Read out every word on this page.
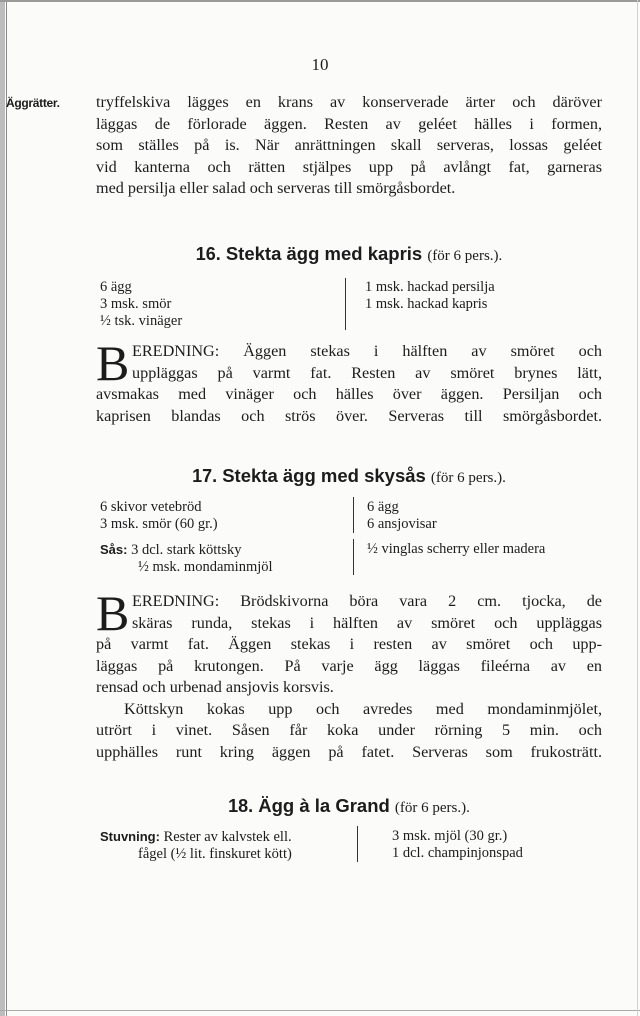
10
Äggrätter. tryffelskiva lägges en krans av konserverade ärter och däröver
läggas de förlorade äggen. Resten av geléet hälles i formen,
som ställes på is. När anrättningen skall serveras, lossas geléet
vid kanterna och rätten stjälpes upp på avlångt fat, garneras
med persilja eller salad och serveras till smörgåsbordet.
16. Stekta ägg med kapris (för 6 pers.).
6 ägg
3 msk. smör
½ tsk. vinäger
1 msk. hackad persilja
1 msk. hackad kapris
B EREDNING: Äggen stekas i hälften av smöret och
uppläggas på varmt fat. Resten av smöret brynes lätt,
avsmakas med vinäger och hälles över äggen. Persiljan och
kaprisen blandas och strös över. Serveras till smörgåsbordet.
17. Stekta ägg med skysås (för 6 pers.).
6 skivor vetebröd
3 msk. smör (60 gr.)
Sås: 3 dcl. stark köttsky
½ msk. mondaminmjöl
6 ägg
6 ansjovisar
½ vinglas scherry eller madera
B EREDNING: Brödskivorna böra vara 2 cm. tjocka, de
skäras runda, stekas i hälften av smöret och uppläggas
på varmt fat. Äggen stekas i resten av smöret och upp-
läggas på krutongen. På varje ägg läggas fileérna av en
rensad och urbenad ansjovis korsvis.
Köttskyn kokas upp och avredes med mondaminmjölet,
utrört i vinet. Såsen får koka under rörning 5 min. och
upphälles runt kring äggen på fatet. Serveras som frukosträtt.
18. Ägg à la Grand (för 6 pers.).
Stuvning: Rester av kalvstek ell.
fågel (½ lit. finskuret kött)
3 msk. mjöl (30 gr.)
1 dcl. champinjonspad
